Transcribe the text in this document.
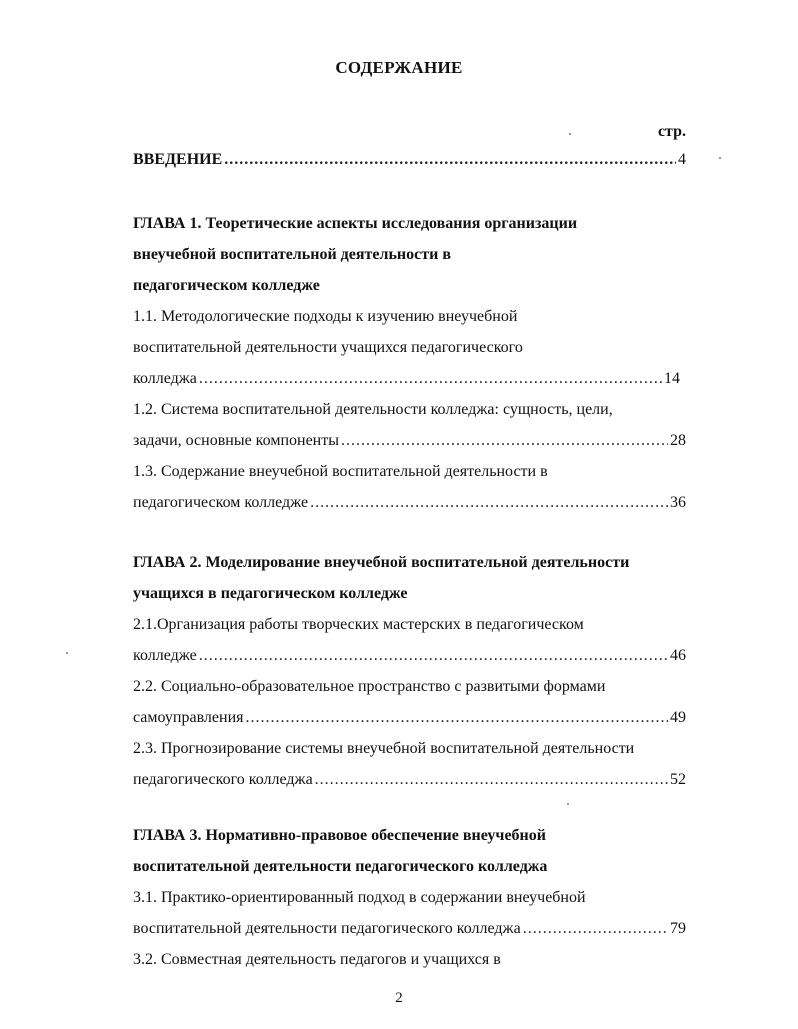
СОДЕРЖАНИЕ
стр.
ВВЕДЕНИЕ .....	4
ГЛАВА 1. Теоретические аспекты исследования организации
внеучебной воспитательной деятельности в
педагогическом колледже
1.1. Методологические подходы к изучению внеучебной
воспитательной деятельности учащихся педагогического
колледжа .....	14
1.2. Система воспитательной деятельности колледжа: сущность, цели,
задачи, основные компоненты .....	28
1.3. Содержание внеучебной воспитательной деятельности в
педагогическом колледже .....	36
ГЛАВА 2. Моделирование внеучебной воспитательной деятельности
учащихся в педагогическом колледже
2.1.Организация работы творческих мастерских в педагогическом
колледже .....	46
2.2. Социально-образовательное пространство с развитыми формами
самоуправления .....	49
2.3. Прогнозирование системы внеучебной воспитательной деятельности
педагогического колледжа .....	52
ГЛАВА 3. Нормативно-правовое обеспечение внеучебной
воспитательной деятельности педагогического колледжа
3.1. Практико-ориентированный подход в содержании внеучебной
воспитательной деятельности педагогического колледжа .....	79
3.2. Совместная деятельность педагогов и учащихся в
2
